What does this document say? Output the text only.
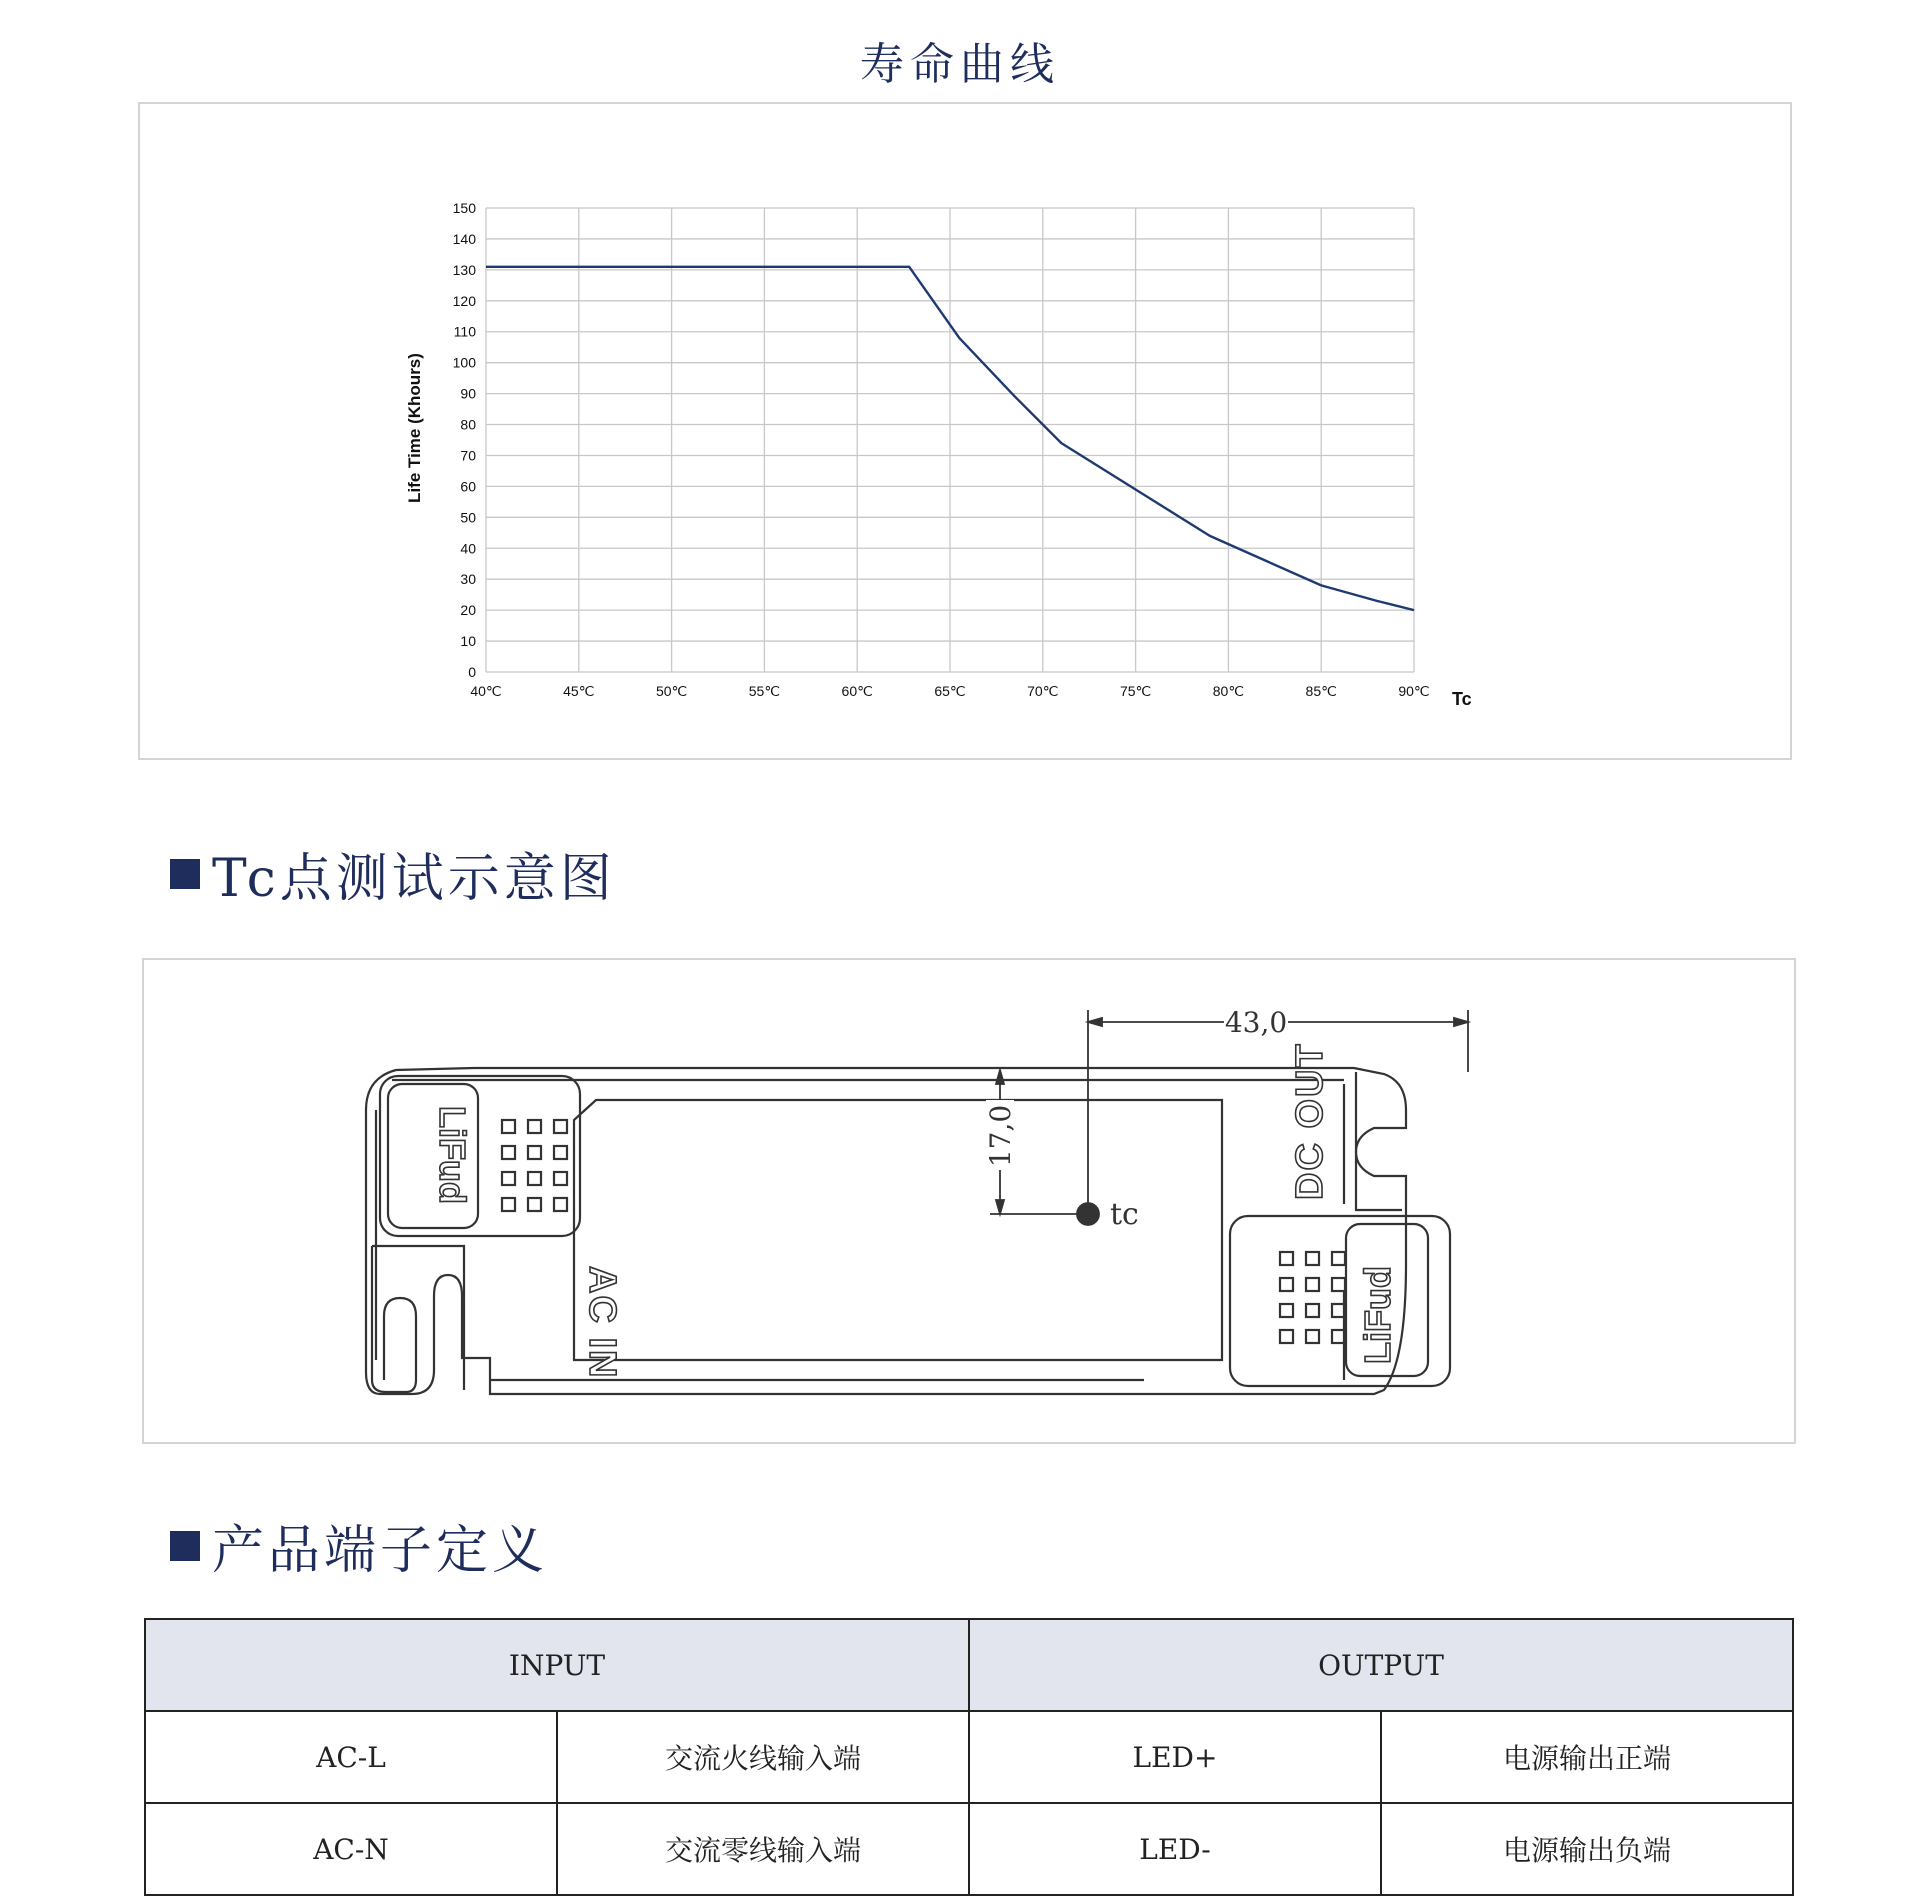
寿命曲线
0
10
20
30
40
50
60
70
80
90
100
110
120
130
140
150
40℃	45℃	50℃	55℃	60℃	65℃	70℃	75℃	80℃	85℃	90℃
Life Time (Khours)
Tc
Tc点测试示意图
LiFud
LiFud
AC IN
DC OUT
43,0
17,0
tc
产品端子定义
INPUT		OUTPUT	
AC-L	交流火线输入端	LED+	电源输出正端
AC-N	交流零线输入端	LED-	电源输出负端
